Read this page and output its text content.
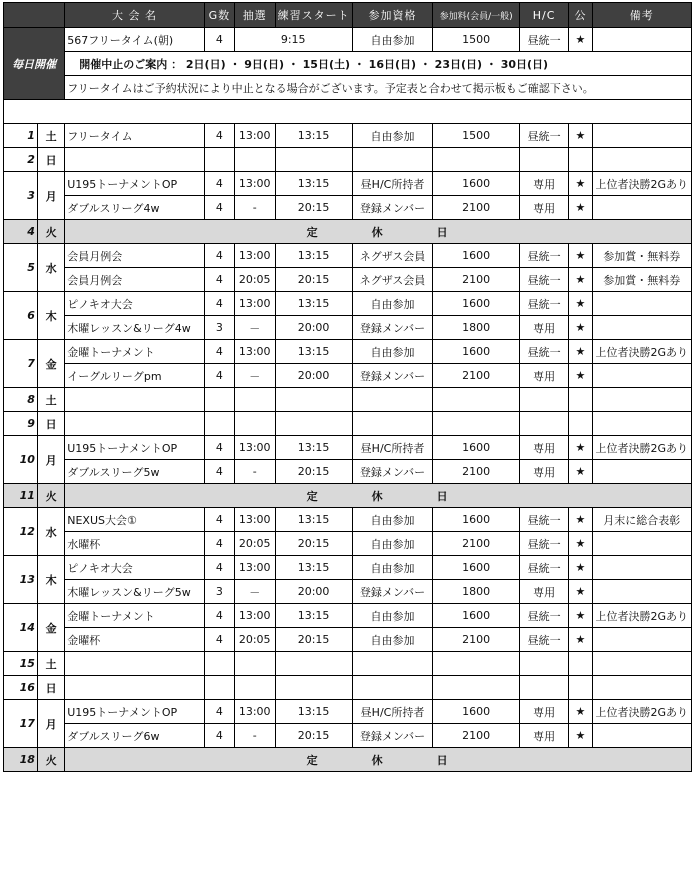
		大 会 名	G数	抽選	練習スタート	参加資格	参加料(会員/一般)	H/C	公	備考
毎日開催		567フリータイム(朝)	4	9:15		自由参加	1500	昼統一	★	
		開催中止のご案内 ： 2日(日) ・ 9日(日) ・ 15日(土) ・ 16日(日) ・ 23日(日) ・ 30日(日)								
		フリータイムはご予約状況により中止となる場合がございます。予定表と合わせて掲示板もご確認下さい。								

1	土	フリータイム	4	13:00	13:15	自由参加	1500	昼統一	★	
2	日									
3	月	U195トーナメントOP	4	13:00	13:15	昼H/C所持者	1600	専用	★	上位者決勝2Gあり
		ダブルスリーグ4w	4	-	20:15	登録メンバー	2100	専用	★	
4	火	定 休 日								
5	水	会員月例会	4	13:00	13:15	ネグザス会員	1600	昼統一	★	参加賞・無料券
		会員月例会	4	20:05	20:15	ネグザス会員	2100	昼統一	★	参加賞・無料券
6	木	ピノキオ大会	4	13:00	13:15	自由参加	1600	昼統一	★	
		木曜レッスン&リーグ4w	3	－	20:00	登録メンバー	1800	専用	★	
7	金	金曜トーナメント	4	13:00	13:15	自由参加	1600	昼統一	★	上位者決勝2Gあり
		イーグルリーグpm	4	－	20:00	登録メンバー	2100	専用	★	
8	土									
9	日									
10	月	U195トーナメントOP	4	13:00	13:15	昼H/C所持者	1600	専用	★	上位者決勝2Gあり
		ダブルスリーグ5w	4	-	20:15	登録メンバー	2100	専用	★	
11	火	定 休 日								
12	水	NEXUS大会①	4	13:00	13:15	自由参加	1600	昼統一	★	月末に総合表彰
		水曜杯	4	20:05	20:15	自由参加	2100	昼統一	★	
13	木	ピノキオ大会	4	13:00	13:15	自由参加	1600	昼統一	★	
		木曜レッスン&リーグ5w	3	－	20:00	登録メンバー	1800	専用	★	
14	金	金曜トーナメント	4	13:00	13:15	自由参加	1600	昼統一	★	上位者決勝2Gあり
		金曜杯	4	20:05	20:15	自由参加	2100	昼統一	★	
15	土									
16	日									
17	月	U195トーナメントOP	4	13:00	13:15	昼H/C所持者	1600	専用	★	上位者決勝2Gあり
		ダブルスリーグ6w	4	-	20:15	登録メンバー	2100	専用	★	
18	火	定 休 日								
